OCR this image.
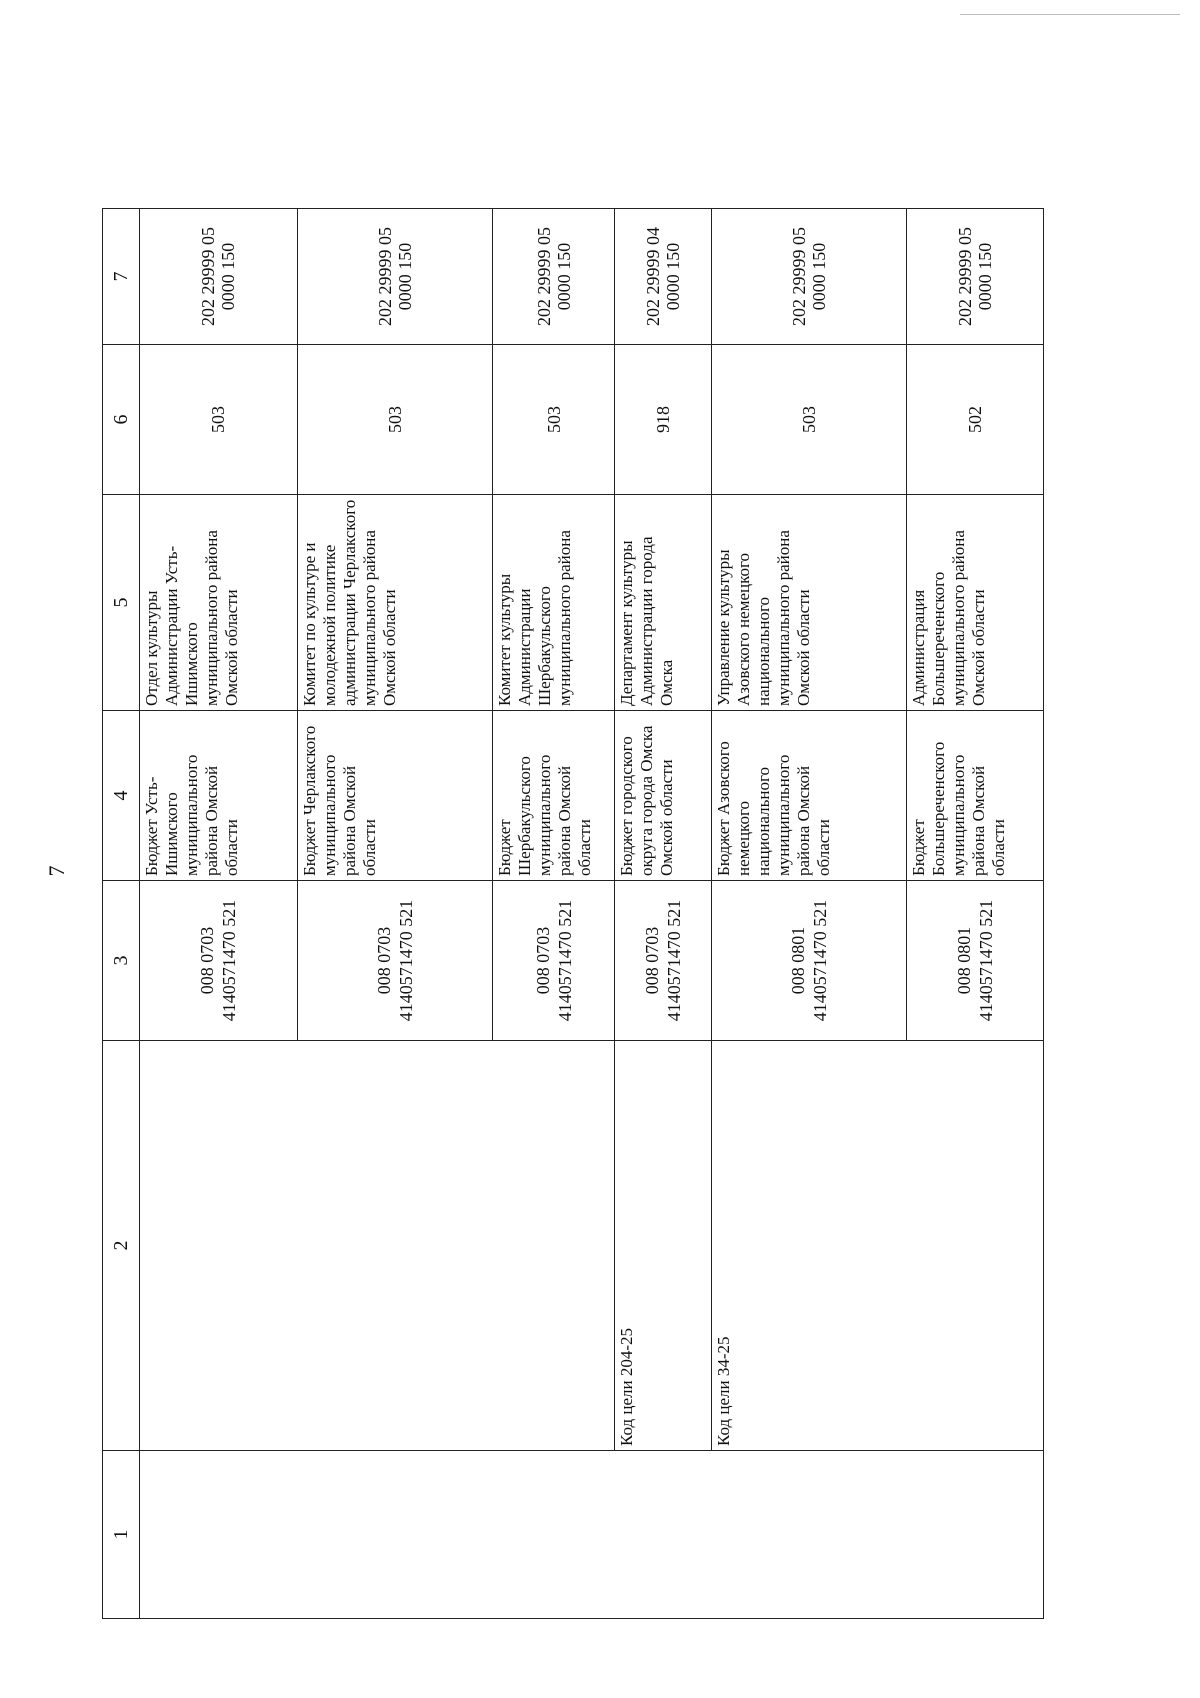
7
1	2	3	4	5	6	7
		008 0703 4140571470 521	Бюджет Усть-Ишимского муниципального района Омской области	Отдел культуры Администрации Усть-Ишимского муниципального района Омской области	503	202 29999 05 0000 150
		008 0703 4140571470 521	Бюджет Черлакского муниципального района Омской области	Комитет по культуре и молодежной политике администрации Черлакского муниципального района Омской области	503	202 29999 05 0000 150
		008 0703 4140571470 521	Бюджет Шербакульского муниципального района Омской области	Комитет культуры Администрации Шербакульского муниципального района	503	202 29999 05 0000 150
	Код цели 204-25	008 0703 4140571470 521	Бюджет городского округа города Омска Омской области	Департамент культуры Администрации города Омска	918	202 29999 04 0000 150
	Код цели 34-25	008 0801 4140571470 521	Бюджет Азовского немецкого национального муниципального района Омской области	Управление культуры Азовского немецкого национального муниципального района Омской области	503	202 29999 05 0000 150
		008 0801 4140571470 521	Бюджет Большереченского муниципального района Омской области	Администрация Большереченского муниципального района Омской области	502	202 29999 05 0000 150
